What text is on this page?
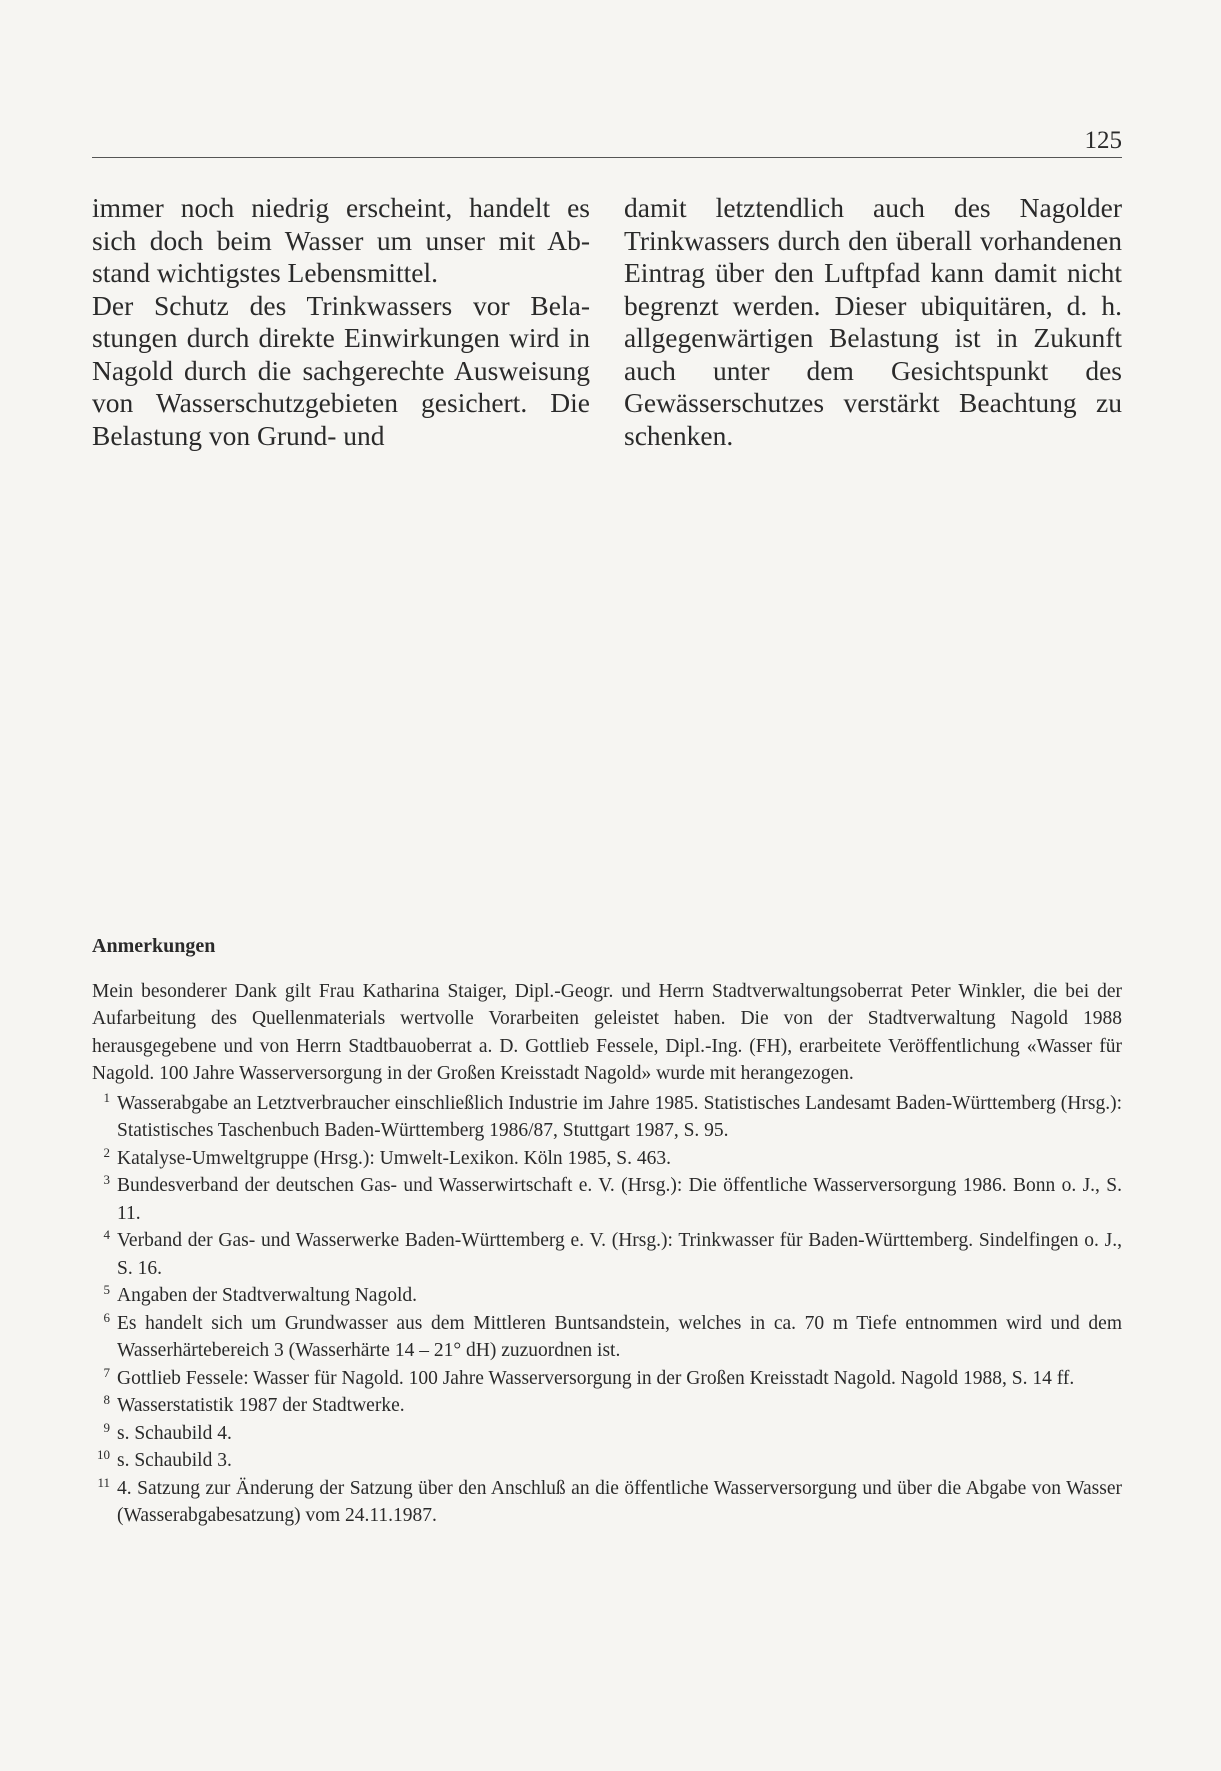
125

immer noch niedrig erscheint, handelt es sich doch beim Wasser um unser mit Abstand wichtigstes Lebensmittel.

Der Schutz des Trinkwassers vor Belastungen durch direkte Einwirkungen wird in Nagold durch die sachgerechte Ausweisung von Wasserschutzgebieten gesichert. Die Belastung von Grund- und

damit letztendlich auch des Nagolder Trinkwassers durch den überall vorhandenen Eintrag über den Luftpfad kann damit nicht begrenzt werden. Dieser ubiquitären, d. h. allgegenwärtigen Belastung ist in Zukunft auch unter dem Gesichtspunkt des Gewässerschutzes verstärkt Beachtung zu schenken.

Anmerkungen
Mein besonderer Dank gilt Frau Katharina Staiger, Dipl.-Geogr. und Herrn Stadtverwaltungsoberrat Peter Winkler, die bei der Aufarbeitung des Quellenmaterials wertvolle Vorarbeiten geleistet haben. Die von der Stadtverwaltung Nagold 1988 herausgegebene und von Herrn Stadtbauoberrat a. D. Gottlieb Fessele, Dipl.-Ing. (FH), erarbeitete Veröffentlichung «Wasser für Nagold. 100 Jahre Wasserversorgung in der Großen Kreisstadt Nagold» wurde mit herangezogen.
1 Wasserabgabe an Letztverbraucher einschließlich Industrie im Jahre 1985. Statistisches Landesamt Baden-Württemberg (Hrsg.): Statistisches Taschenbuch Baden-Württemberg 1986/87, Stuttgart 1987, S. 95.
2 Katalyse-Umweltgruppe (Hrsg.): Umwelt-Lexikon. Köln 1985, S. 463.
3 Bundesverband der deutschen Gas- und Wasserwirtschaft e. V. (Hrsg.): Die öffentliche Wasserversorgung 1986. Bonn o. J., S. 11.
4 Verband der Gas- und Wasserwerke Baden-Württemberg e. V. (Hrsg.): Trinkwasser für Baden-Württemberg. Sindelfingen o. J., S. 16.
5 Angaben der Stadtverwaltung Nagold.
6 Es handelt sich um Grundwasser aus dem Mittleren Buntsandstein, welches in ca. 70 m Tiefe entnommen wird und dem Wasserhärtebereich 3 (Wasserhärte 14 – 21° dH) zuzuordnen ist.
7 Gottlieb Fessele: Wasser für Nagold. 100 Jahre Wasserversorgung in der Großen Kreisstadt Nagold. Nagold 1988, S. 14 ff.
8 Wasserstatistik 1987 der Stadtwerke.
9 s. Schaubild 4.
10 s. Schaubild 3.
11 4. Satzung zur Änderung der Satzung über den Anschluß an die öffentliche Wasserversorgung und über die Abgabe von Wasser (Wasserabgabesatzung) vom 24.11.1987.
